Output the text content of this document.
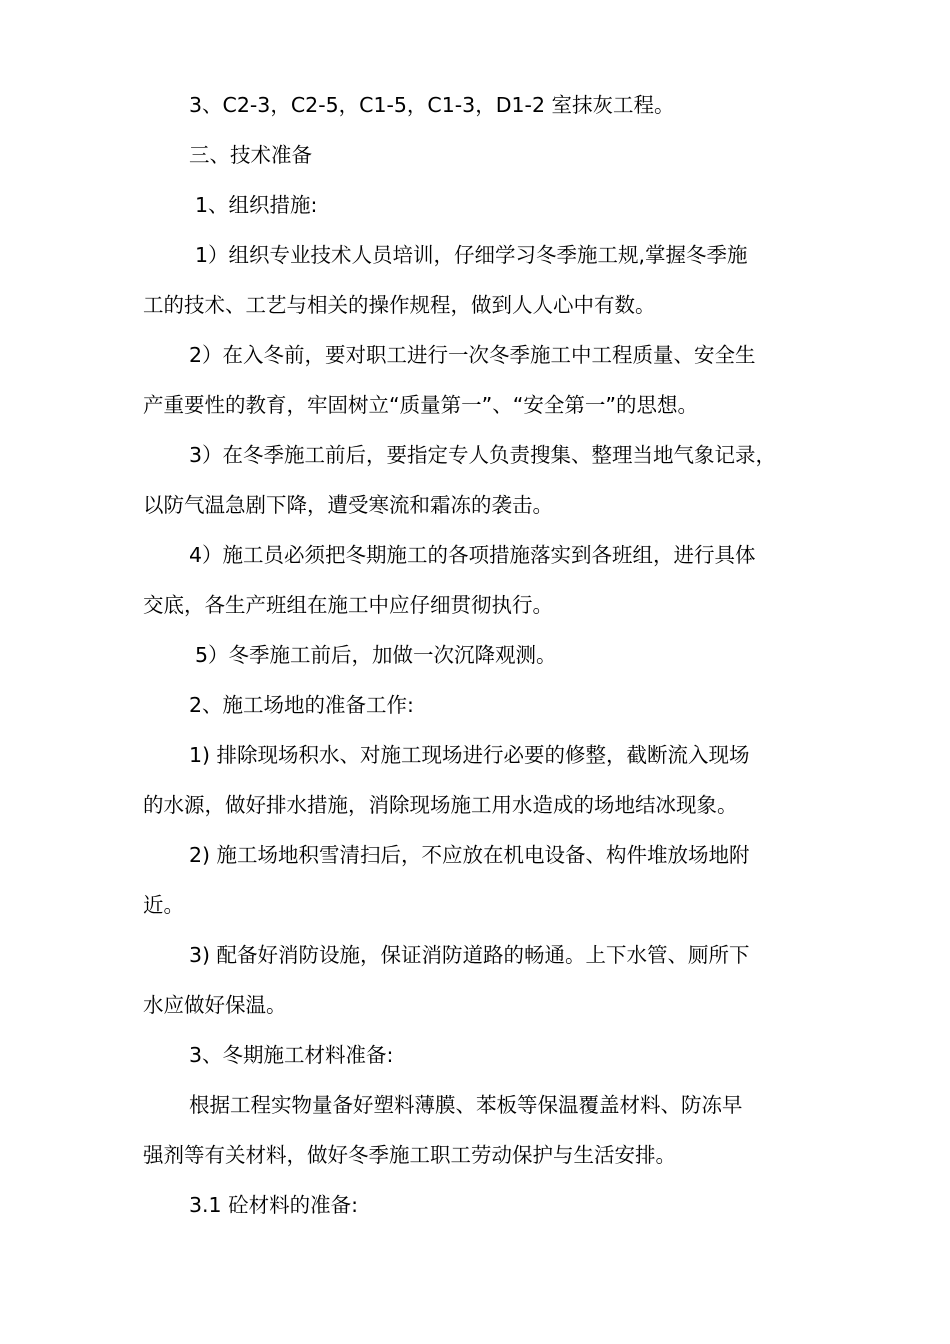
3、C2-3，C2-5，C1-5，C1-3，D1-2 室抹灰工程。
三、技术准备
1、组织措施:
1）组织专业技术人员培训，仔细学习冬季施工规,掌握冬季施
工的技术、工艺与相关的操作规程，做到人人心中有数。
2）在入冬前，要对职工进行一次冬季施工中工程质量、安全生
产重要性的教育，牢固树立“质量第一”、“安全第一”的思想。
3）在冬季施工前后，要指定专人负责搜集、整理当地气象记录，
以防气温急剧下降，遭受寒流和霜冻的袭击。
4）施工员必须把冬期施工的各项措施落实到各班组，进行具体
交底，各生产班组在施工中应仔细贯彻执行。
5）冬季施工前后，加做一次沉降观测。
2、施工场地的准备工作:
1) 排除现场积水、对施工现场进行必要的修整，截断流入现场
的水源，做好排水措施，消除现场施工用水造成的场地结冰现象。
2) 施工场地积雪清扫后，不应放在机电设备、构件堆放场地附
近。
3) 配备好消防设施，保证消防道路的畅通。上下水管、厕所下
水应做好保温。
3、冬期施工材料准备:
根据工程实物量备好塑料薄膜、苯板等保温覆盖材料、防冻早
强剂等有关材料，做好冬季施工职工劳动保护与生活安排。
3.1 砼材料的准备:
